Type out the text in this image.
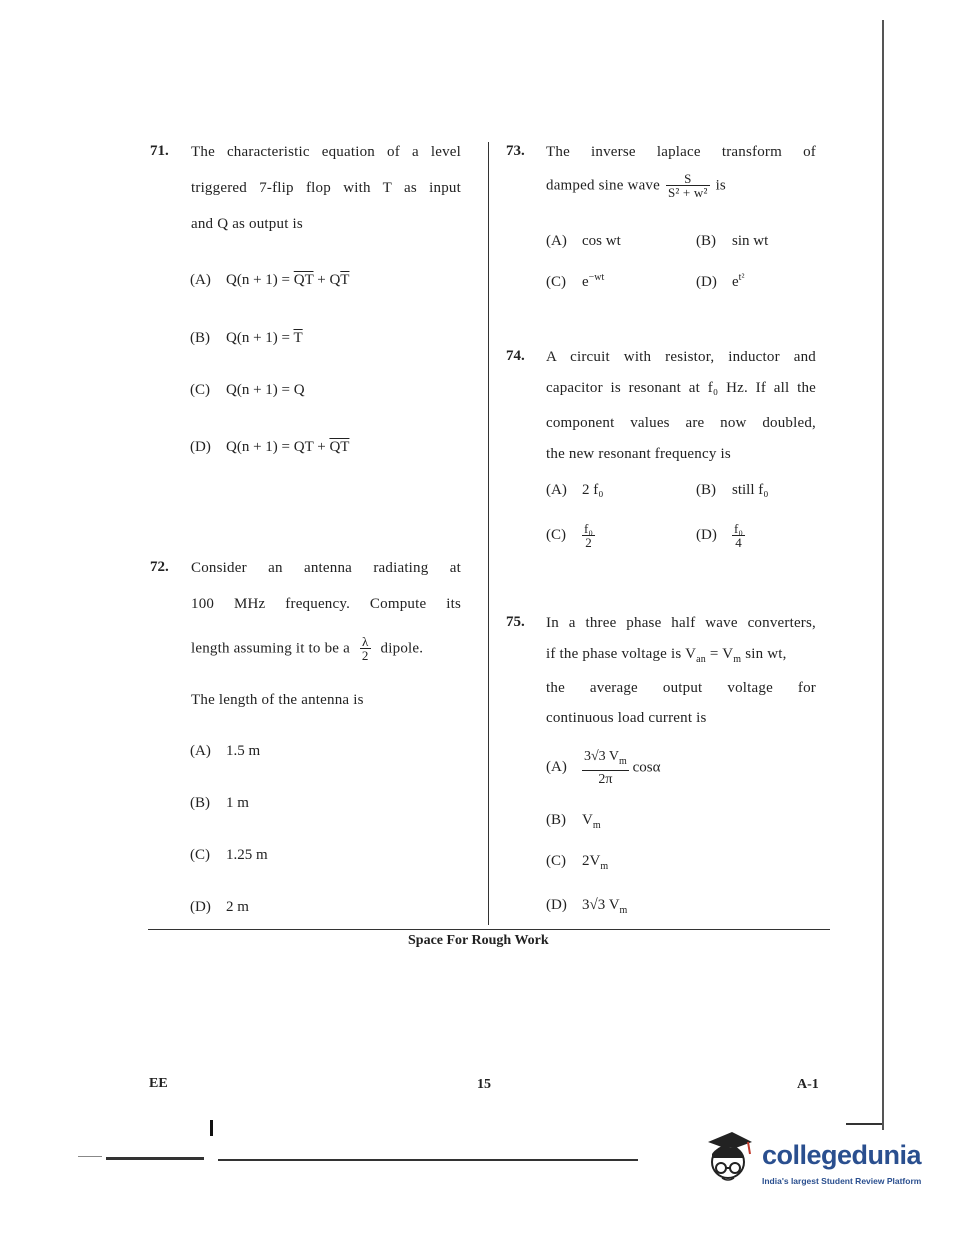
71. The characteristic equation of a level
triggered 7-flip flop with T as input
and Q as output is
(A) $Q(n + 1) = \overline{QT} + Q\overline{T}$
(B) $Q(n + 1) = \overline{T}$
(C) Q(n + 1) = Q
(D) Q(n + 1) = QT + $\overline{QT}$
72. Consider an antenna radiating at
100 MHz frequency. Compute its
length assuming it to be a $\frac{\lambda}{2}$ dipole.
The length of the antenna is
(A) 1.5 m
(B) 1 m
(C) 1.25 m
(D) 2 m
73. The inverse laplace transform of
damped sine wave $\frac{S}{\text{S² + w²}}$ is
(A) cos wt	(B) sin wt
(C) $e^{-wt}$	(D) $e^{t^2}$
74. A circuit with resistor, inductor and
capacitor is resonant at f₀ Hz. If all the
component values are now doubled,
the new resonant frequency is
(A) 2 f₀	(B) still f₀
$(C) \frac{\text{f₀}}{2}$	$(D) \frac{\text{f₀}}{4}$
75. In a three phase half wave converters,
if the phase voltage is $V_{an} = V_m$ sin wt,
the average output voltage for
continuous load current is
$(A) \frac{3√3 V_m}{2\pi}$ cosα
(B) $V_m$
(C) $2V_m$
(D) 3√3 $V_m$
Space For Rough Work
EE	15	A-1
collegedunia
India's largest Student Review Platform
